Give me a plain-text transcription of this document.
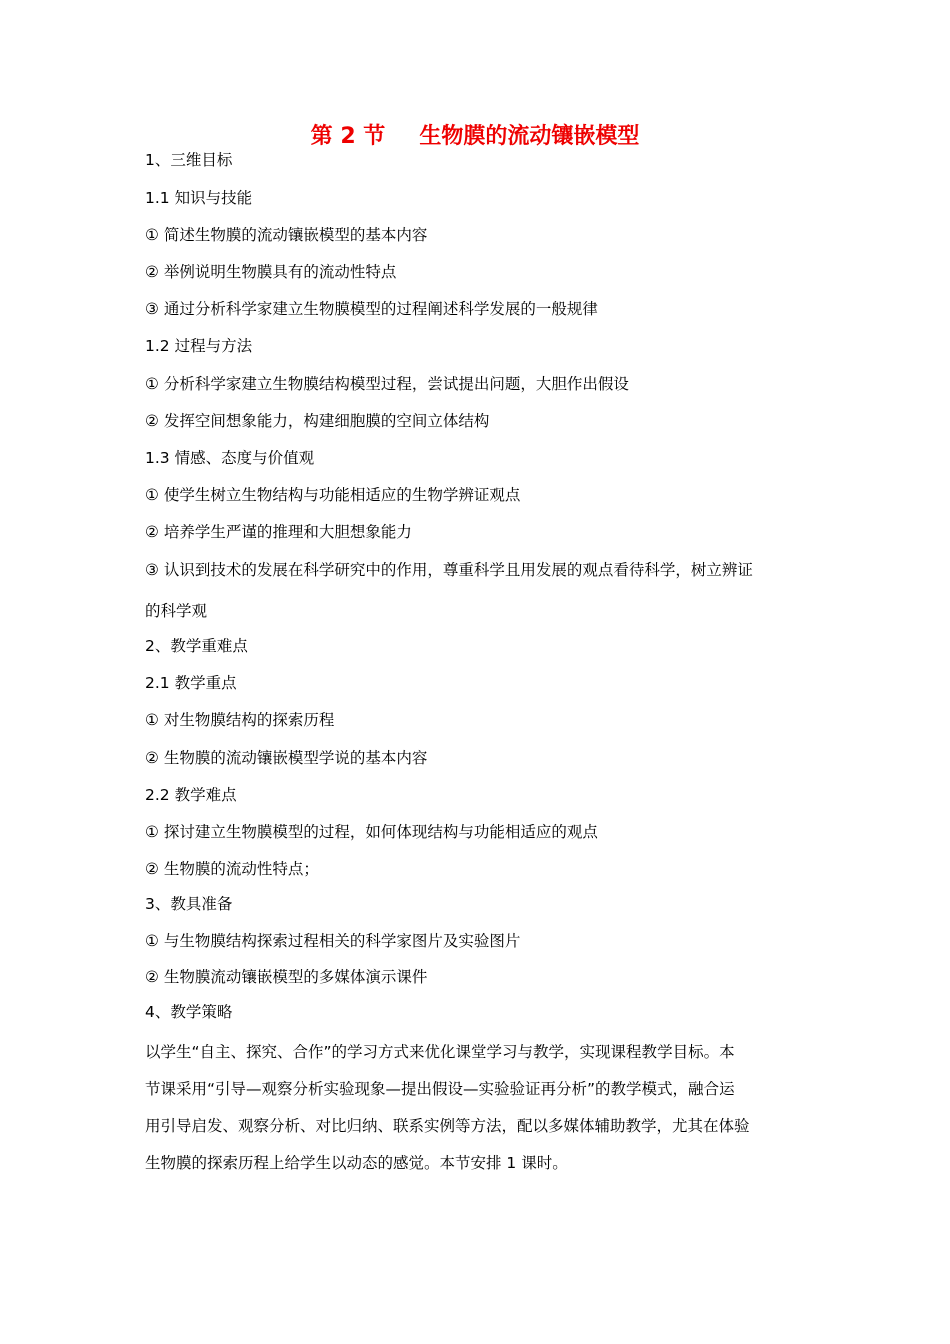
第 2 节 生物膜的流动镶嵌模型
1、三维目标
1.1 知识与技能
① 简述生物膜的流动镶嵌模型的基本内容
② 举例说明生物膜具有的流动性特点
③ 通过分析科学家建立生物膜模型的过程阐述科学发展的一般规律
1.2 过程与方法
① 分析科学家建立生物膜结构模型过程，尝试提出问题，大胆作出假设
② 发挥空间想象能力，构建细胞膜的空间立体结构
1.3 情感、态度与价值观
① 使学生树立生物结构与功能相适应的生物学辨证观点
② 培养学生严谨的推理和大胆想象能力
③ 认识到技术的发展在科学研究中的作用，尊重科学且用发展的观点看待科学，树立辨证
的科学观
2、教学重难点
2.1 教学重点
① 对生物膜结构的探索历程
② 生物膜的流动镶嵌模型学说的基本内容
2.2 教学难点
① 探讨建立生物膜模型的过程，如何体现结构与功能相适应的观点
② 生物膜的流动性特点；
3、教具准备
① 与生物膜结构探索过程相关的科学家图片及实验图片
② 生物膜流动镶嵌模型的多媒体演示课件
4、教学策略

以学生“自主、探究、合作”的学习方式来优化课堂学习与教学，实现课程教学目标。本

节课采用“引导—观察分析实验现象—提出假设—实验验证再分析”的教学模式，融合运

用引导启发、观察分析、对比归纳、联系实例等方法，配以多媒体辅助教学，尤其在体验

生物膜的探索历程上给学生以动态的感觉。本节安排 1 课时。
